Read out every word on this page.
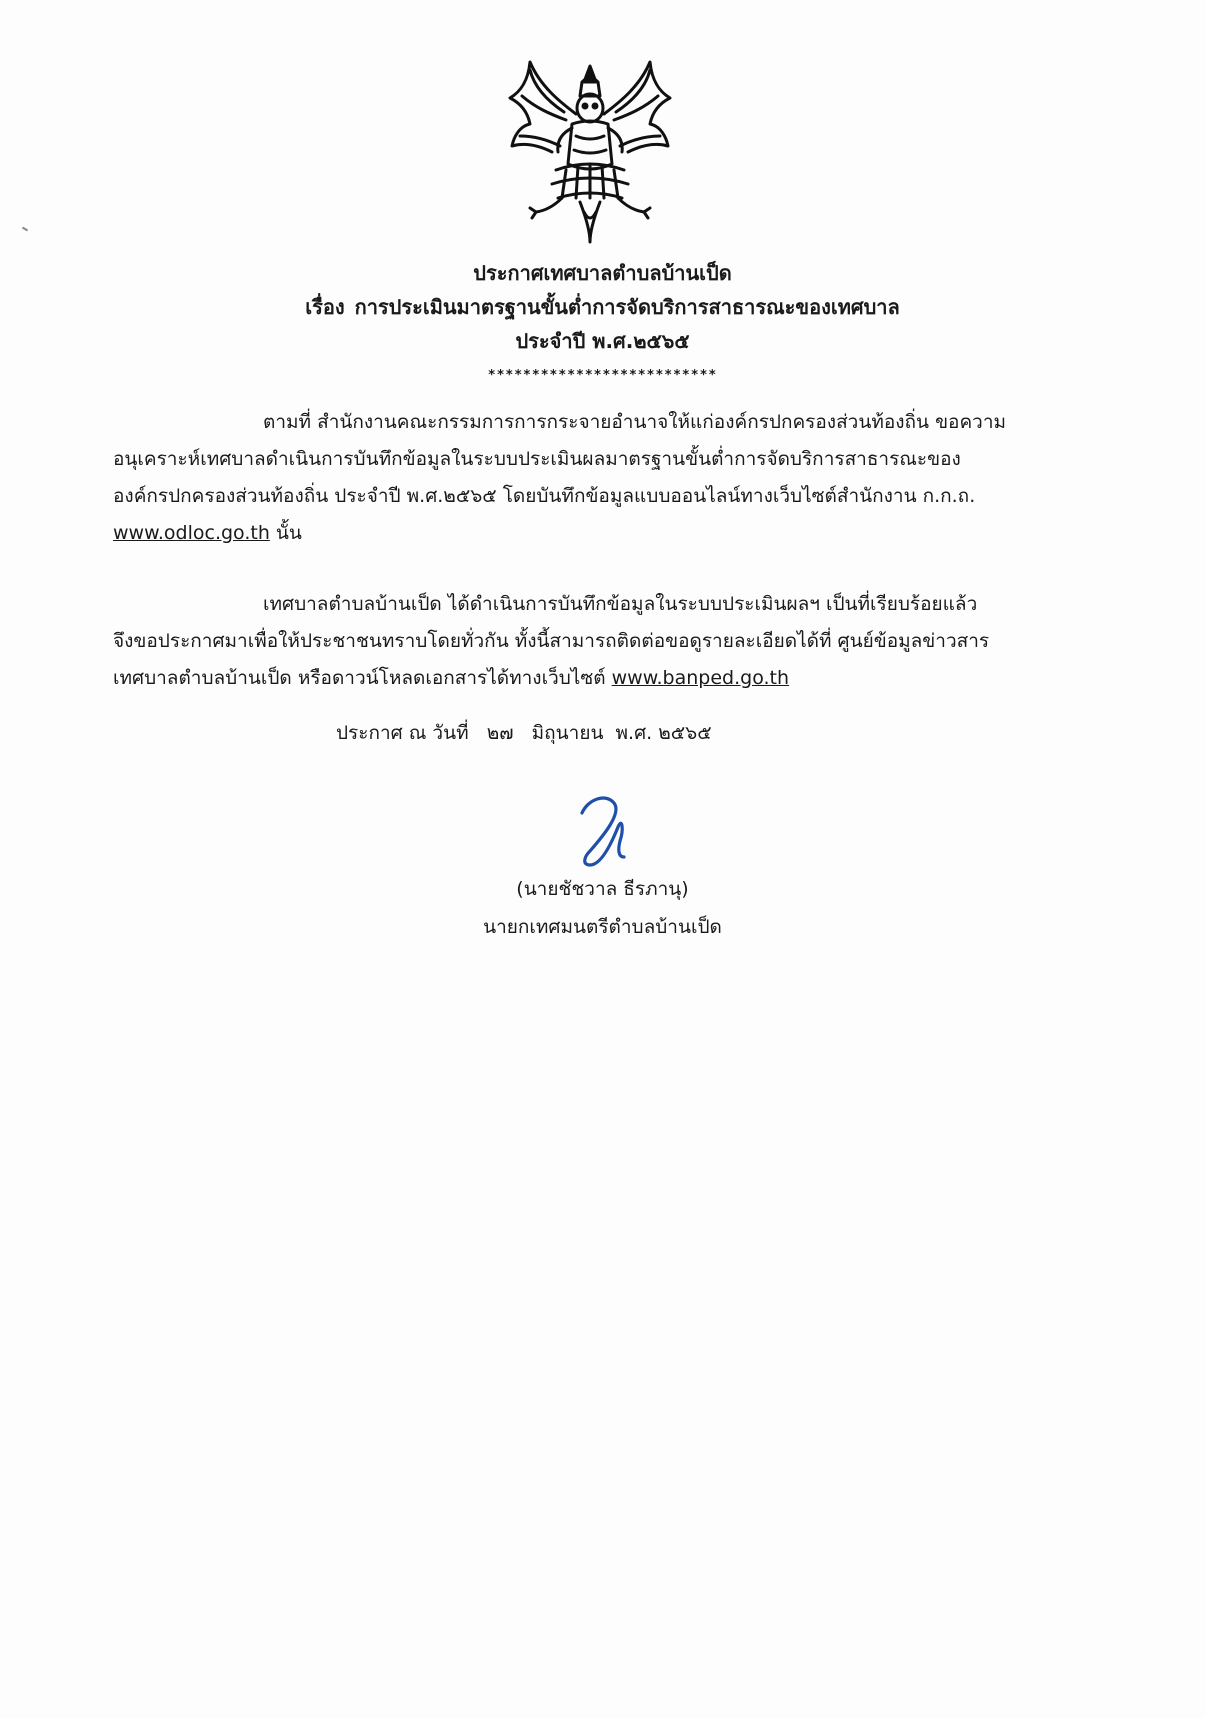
ประกาศเทศบาลตำบลบ้านเป็ด
เรื่อง การประเมินมาตรฐานขั้นต่ำการจัดบริการสาธารณะของเทศบาล
ประจำปี พ.ศ.๒๕๖๕
**************************
ตามที่ สำนักงานคณะกรรมการการกระจายอำนาจให้แก่องค์กรปกครองส่วนท้องถิ่น ขอความ
อนุเคราะห์เทศบาลดำเนินการบันทึกข้อมูลในระบบประเมินผลมาตรฐานขั้นต่ำการจัดบริการสาธารณะของ
องค์กรปกครองส่วนท้องถิ่น ประจำปี พ.ศ.๒๕๖๕ โดยบันทึกข้อมูลแบบออนไลน์ทางเว็บไซต์สำนักงาน ก.ก.ถ.
www.odloc.go.th นั้น
เทศบาลตำบลบ้านเป็ด ได้ดำเนินการบันทึกข้อมูลในระบบประเมินผลฯ เป็นที่เรียบร้อยแล้ว
จึงขอประกาศมาเพื่อให้ประชาชนทราบโดยทั่วกัน ทั้งนี้สามารถติดต่อขอดูรายละเอียดได้ที่ ศูนย์ข้อมูลข่าวสาร
เทศบาลตำบลบ้านเป็ด หรือดาวน์โหลดเอกสารได้ทางเว็บไซต์ www.banped.go.th
ประกาศ ณ วันที่   ๒๗   มิถุนายน  พ.ศ. ๒๕๖๕
(นายชัชวาล ธีรภานุ)
นายกเทศมนตรีตำบลบ้านเป็ด
